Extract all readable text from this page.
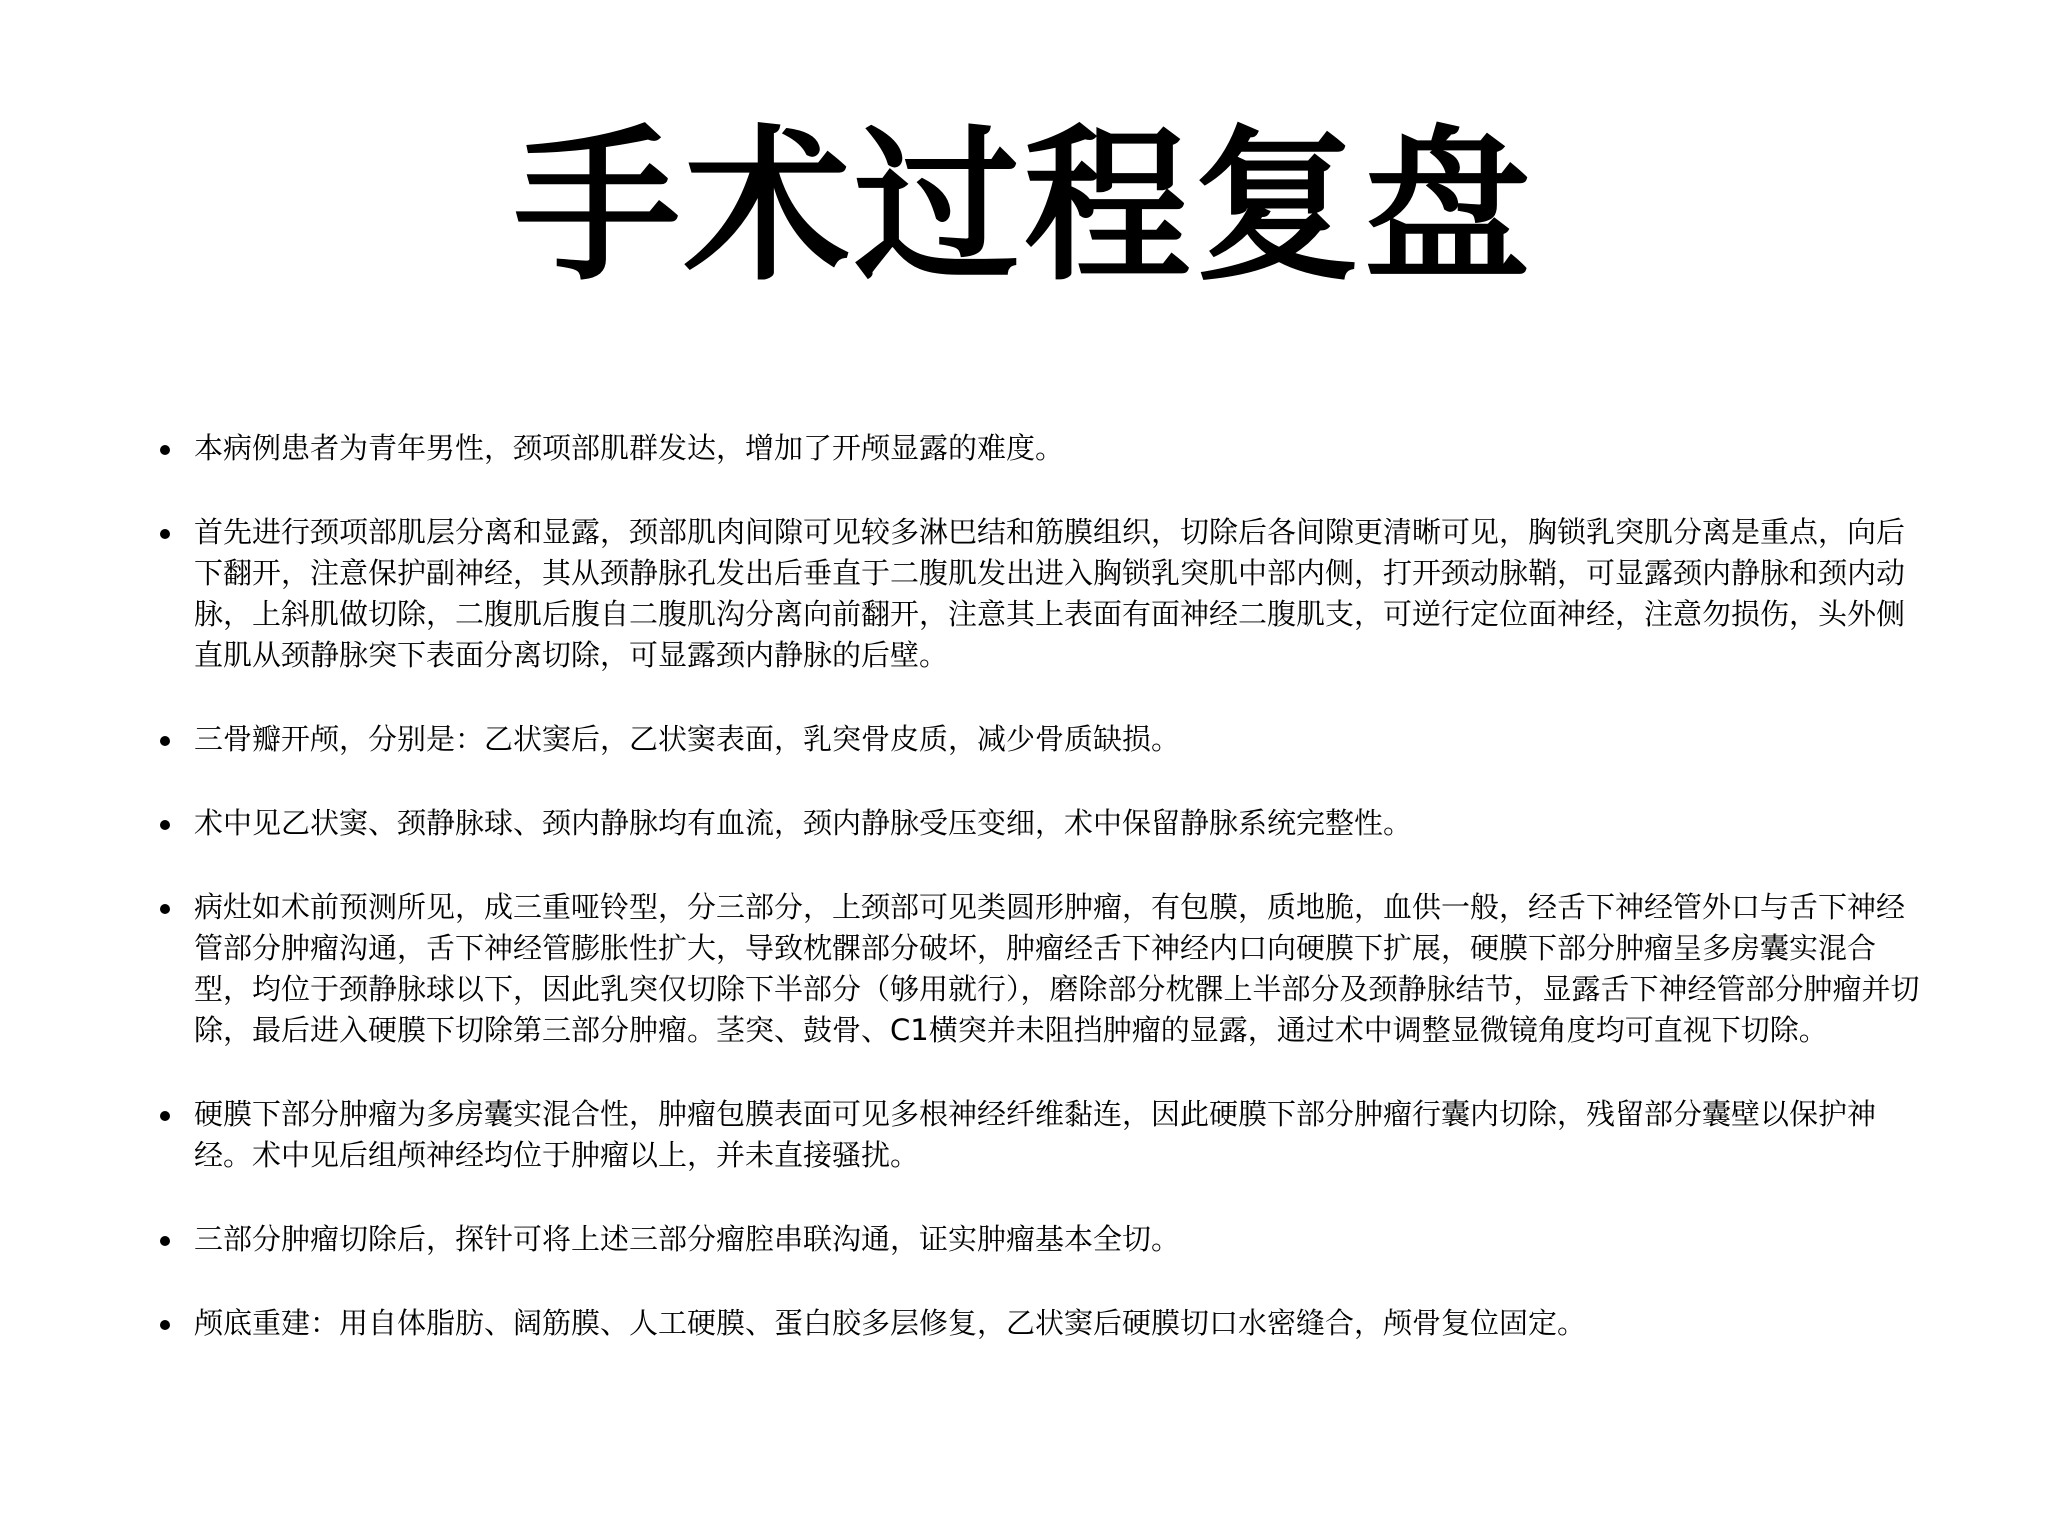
手术过程复盘
本病例患者为青年男性，颈项部肌群发达，增加了开颅显露的难度。
首先进行颈项部肌层分离和显露，颈部肌肉间隙可见较多淋巴结和筋膜组织，切除后各间隙更清晰可见，胸锁乳突肌分离是重点，向后下翻开，注意保护副神经，其从颈静脉孔发出后垂直于二腹肌发出进入胸锁乳突肌中部内侧，打开颈动脉鞘，可显露颈内静脉和颈内动脉，上斜肌做切除，二腹肌后腹自二腹肌沟分离向前翻开，注意其上表面有面神经二腹肌支，可逆行定位面神经，注意勿损伤，头外侧直肌从颈静脉突下表面分离切除，可显露颈内静脉的后壁。
三骨瓣开颅，分别是：乙状窦后，乙状窦表面，乳突骨皮质，减少骨质缺损。
术中见乙状窦、颈静脉球、颈内静脉均有血流，颈内静脉受压变细，术中保留静脉系统完整性。
病灶如术前预测所见，成三重哑铃型，分三部分，上颈部可见类圆形肿瘤，有包膜，质地脆，血供一般，经舌下神经管外口与舌下神经管部分肿瘤沟通，舌下神经管膨胀性扩大，导致枕髁部分破坏，肿瘤经舌下神经内口向硬膜下扩展，硬膜下部分肿瘤呈多房囊实混合型，均位于颈静脉球以下，因此乳突仅切除下半部分（够用就行），磨除部分枕髁上半部分及颈静脉结节，显露舌下神经管部分肿瘤并切除，最后进入硬膜下切除第三部分肿瘤。茎突、鼓骨、C1横突并未阻挡肿瘤的显露，通过术中调整显微镜角度均可直视下切除。
硬膜下部分肿瘤为多房囊实混合性，肿瘤包膜表面可见多根神经纤维黏连，因此硬膜下部分肿瘤行囊内切除，残留部分囊壁以保护神经。术中见后组颅神经均位于肿瘤以上，并未直接骚扰。
三部分肿瘤切除后，探针可将上述三部分瘤腔串联沟通，证实肿瘤基本全切。
颅底重建：用自体脂肪、阔筋膜、人工硬膜、蛋白胶多层修复，乙状窦后硬膜切口水密缝合，颅骨复位固定。
